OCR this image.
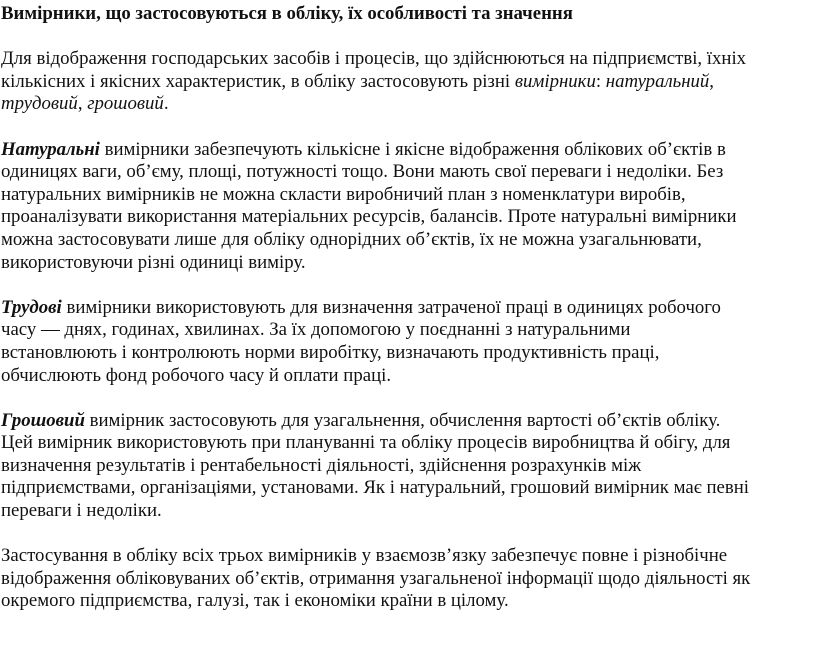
Вимірники, що застосовуються в обліку, їх особливості та значення

Для відображення господарських засобів і процесів, що здійснюються на підприємстві, їхніх

кількісних і якісних характеристик, в обліку застосовують різні вимірники: натуральний,

трудовий, грошовий.

Натуральні вимірники забезпечують кількісне і якісне відображення облікових об’єктів в

одиницях ваги, об’єму, площі, потужності тощо. Вони мають свої переваги і недоліки. Без

натуральних вимірників не можна скласти виробничий план з номенклатури виробів,

проаналізувати використання матеріальних ресурсів, балансів. Проте натуральні вимірники

можна застосовувати лише для обліку однорідних об’єктів, їх не можна узагальнювати,

використовуючи різні одиниці виміру.

Трудові вимірники використовують для визначення затраченої праці в одиницях робочого

часу — днях, годинах, хвилинах. За їх допомогою у поєднанні з натуральними

встановлюють і контролюють норми виробітку, визначають продуктивність праці,

обчислюють фонд робочого часу й оплати праці.

Грошовий вимірник застосовують для узагальнення, обчислення вартості об’єктів обліку.

Цей вимірник використовують при плануванні та обліку процесів виробництва й обігу, для

визначення результатів і рентабельності діяльності, здійснення розрахунків між

підприємствами, організаціями, установами. Як і натуральний, грошовий вимірник має певні

переваги і недоліки.

Застосування в обліку всіх трьох вимірників у взаємозв’язку забезпечує повне і різнобічне

відображення обліковуваних об’єктів, отримання узагальненої інформації щодо діяльності як

окремого підприємства, галузі, так і економіки країни в цілому.
